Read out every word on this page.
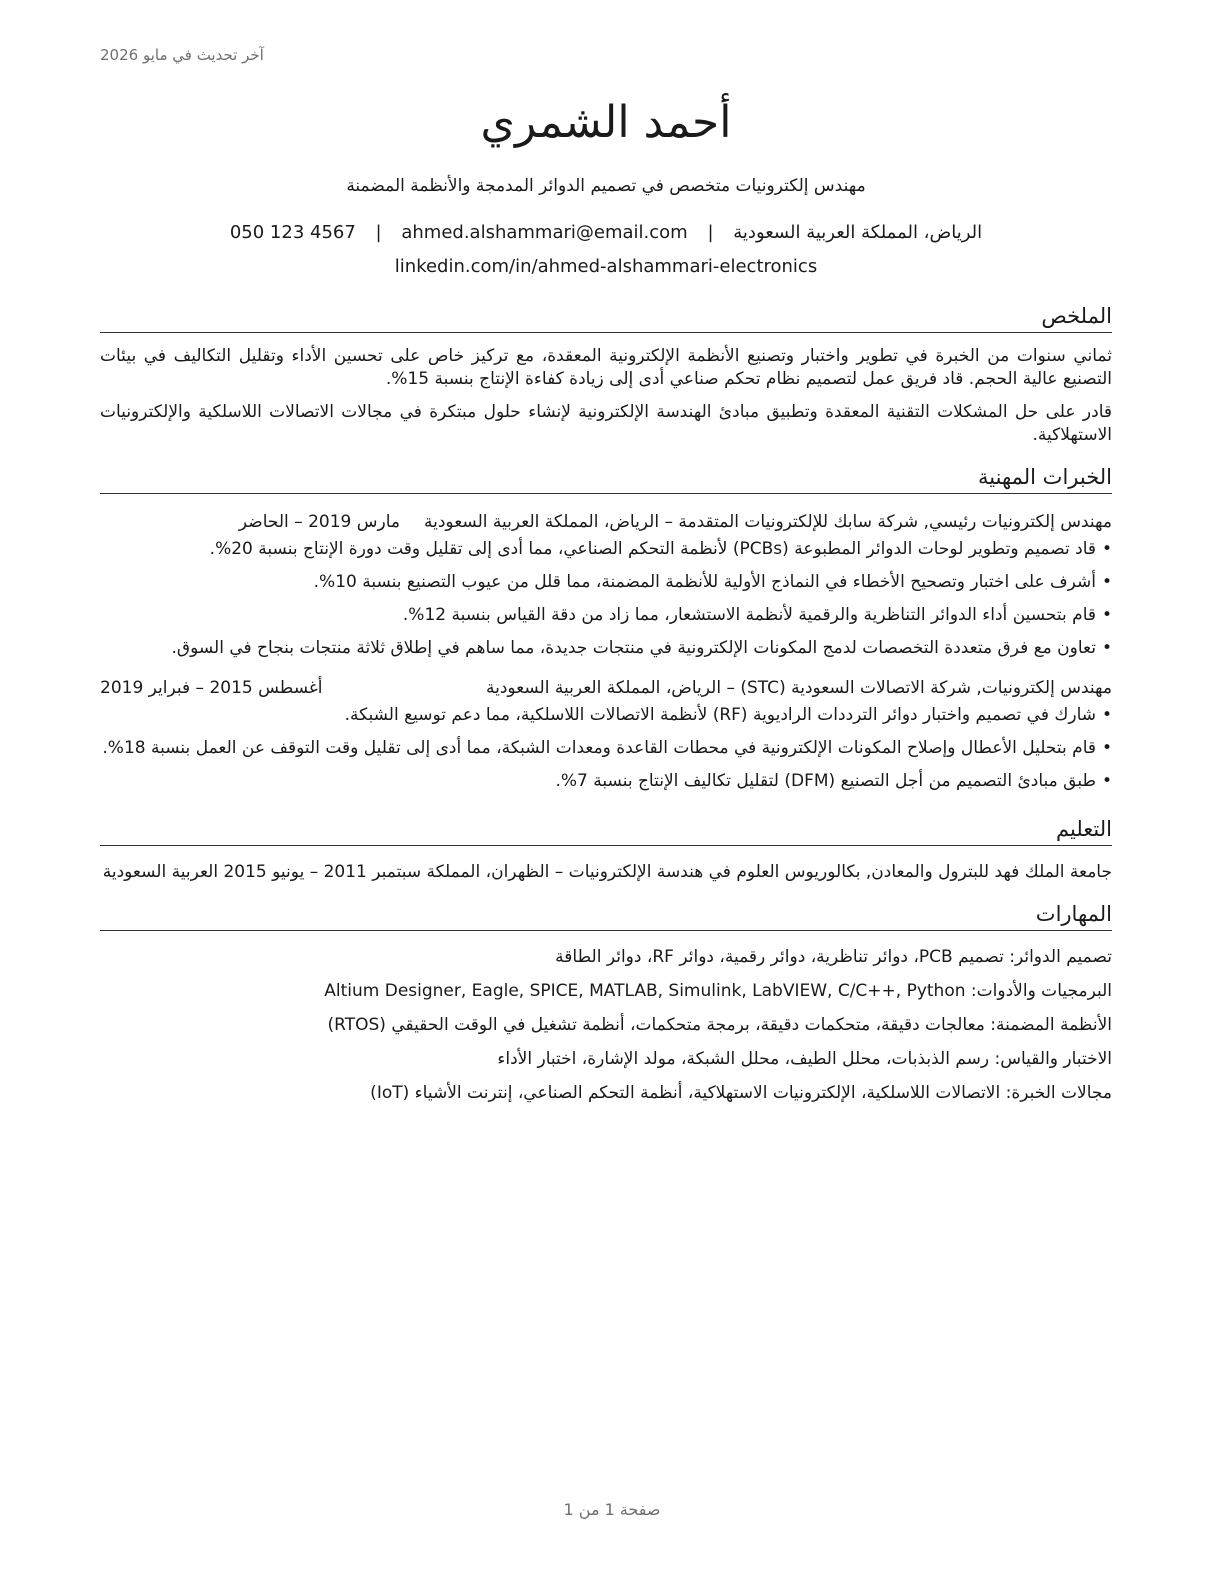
آخر تحديث في مايو 2026
أحمد الشمري
مهندس إلكترونيات متخصص في تصميم الدوائر المدمجة والأنظمة المضمنة
الرياض، المملكة العربية السعودية | ahmed.alshammari@email.com | 050 123 4567
linkedin.com/in/ahmed-alshammari-electronics
الملخص

ثماني سنوات من الخبرة في تطوير واختبار وتصنيع الأنظمة الإلكترونية المعقدة، مع تركيز خاص على تحسين الأداء وتقليل التكاليف في بيئات التصنيع عالية الحجم. قاد فريق عمل لتصميم نظام تحكم صناعي أدى إلى زيادة كفاءة الإنتاج بنسبة 15%.

قادر على حل المشكلات التقنية المعقدة وتطبيق مبادئ الهندسة الإلكترونية لإنشاء حلول مبتكرة في مجالات الاتصالات اللاسلكية والإلكترونيات الاستهلاكية.

الخبرات المهنية
مهندس إلكترونيات رئيسي, شركة سابك للإلكترونيات المتقدمة – الرياض، المملكة العربية السعودية
مارس 2019 – الحاضر
• قاد تصميم وتطوير لوحات الدوائر المطبوعة (PCBs) لأنظمة التحكم الصناعي، مما أدى إلى تقليل وقت دورة الإنتاج بنسبة 20%.
• أشرف على اختبار وتصحيح الأخطاء في النماذج الأولية للأنظمة المضمنة، مما قلل من عيوب التصنيع بنسبة 10%.
• قام بتحسين أداء الدوائر التناظرية والرقمية لأنظمة الاستشعار، مما زاد من دقة القياس بنسبة 12%.
• تعاون مع فرق متعددة التخصصات لدمج المكونات الإلكترونية في منتجات جديدة، مما ساهم في إطلاق ثلاثة منتجات بنجاح في السوق.
مهندس إلكترونيات, شركة الاتصالات السعودية (STC) – الرياض، المملكة العربية السعودية
أغسطس 2015 – فبراير 2019
• شارك في تصميم واختبار دوائر الترددات الراديوية (RF) لأنظمة الاتصالات اللاسلكية، مما دعم توسيع الشبكة.
• قام بتحليل الأعطال وإصلاح المكونات الإلكترونية في محطات القاعدة ومعدات الشبكة، مما أدى إلى تقليل وقت التوقف عن العمل بنسبة 18%.
• طبق مبادئ التصميم من أجل التصنيع (DFM) لتقليل تكاليف الإنتاج بنسبة 7%.
التعليم

جامعة الملك فهد للبترول والمعادن, بكالوريوس العلوم في هندسة الإلكترونيات – الظهران، المملكة سبتمبر 2011 – يونيو 2015 العربية السعودية

المهارات
تصميم الدوائر: تصميم PCB، دوائر تناظرية، دوائر رقمية، دوائر RF، دوائر الطاقة
البرمجيات والأدوات: Altium Designer, Eagle, SPICE, MATLAB, Simulink, LabVIEW, C/C++, Python
الأنظمة المضمنة: معالجات دقيقة، متحكمات دقيقة، برمجة متحكمات، أنظمة تشغيل في الوقت الحقيقي (RTOS)
الاختبار والقياس: رسم الذبذبات، محلل الطيف، محلل الشبكة، مولد الإشارة، اختبار الأداء
مجالات الخبرة: الاتصالات اللاسلكية، الإلكترونيات الاستهلاكية، أنظمة التحكم الصناعي، إنترنت الأشياء (IoT)
صفحة 1 من 1
